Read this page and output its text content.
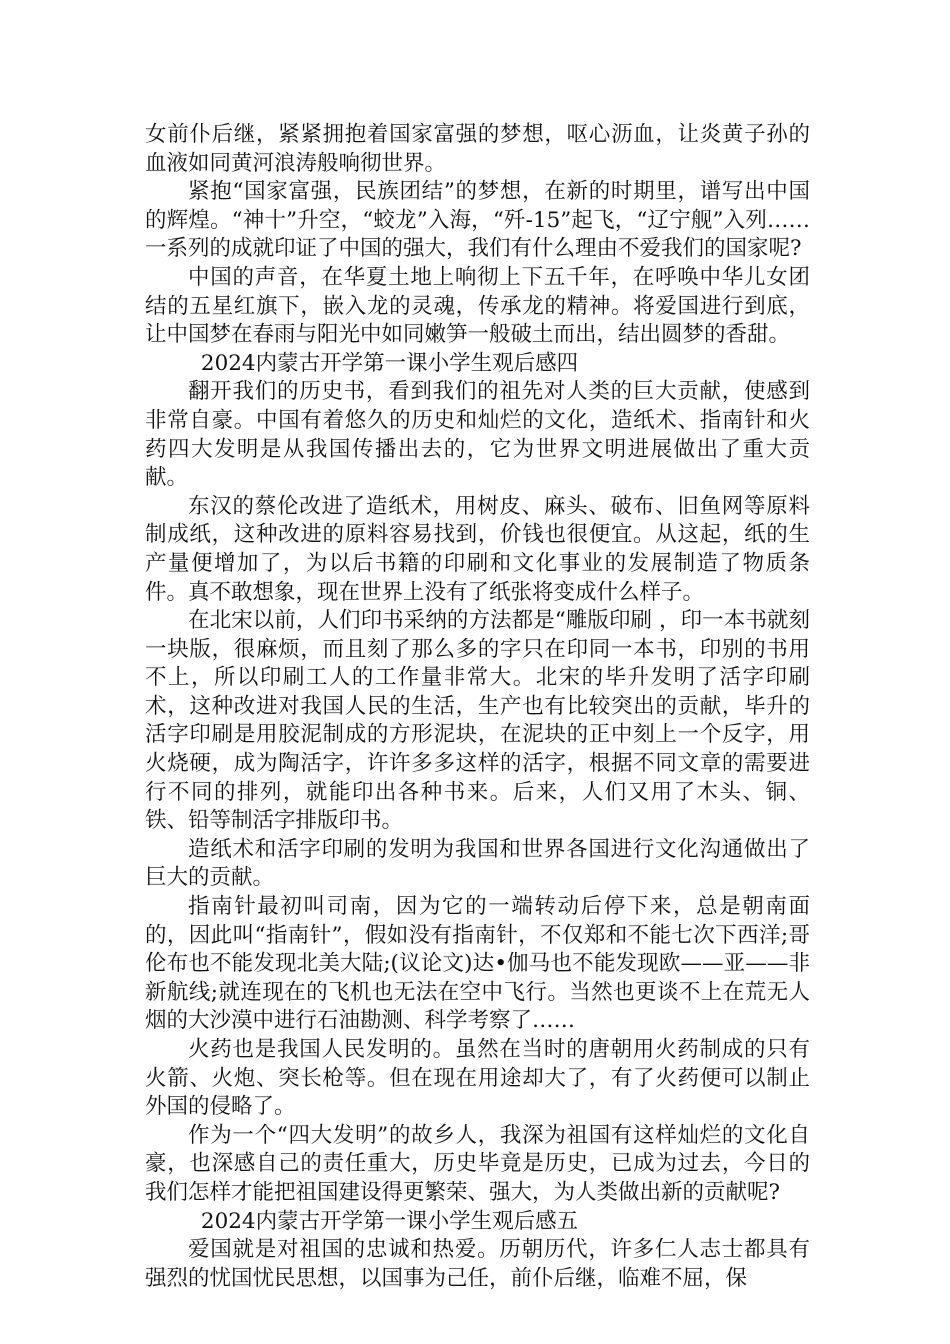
女前仆后继，紧紧拥抱着国家富强的梦想，呕心沥血，让炎黄子孙的血液如同黄河浪涛般响彻世界。

紧抱“国家富强，民族团结”的梦想，在新的时期里，谱写出中国的辉煌。“神十”升空，“蛟龙”入海，“歼-15”起飞，“辽宁舰”入列……一系列的成就印证了中国的强大，我们有什么理由不爱我们的国家呢?

中国的声音，在华夏土地上响彻上下五千年，在呼唤中华儿女团结的五星红旗下，嵌入龙的灵魂，传承龙的精神。将爱国进行到底，让中国梦在春雨与阳光中如同嫩笋一般破土而出，结出圆梦的香甜。

2024内蒙古开学第一课小学生观后感四

翻开我们的历史书，看到我们的祖先对人类的巨大贡献，使感到非常自豪。中国有着悠久的历史和灿烂的文化，造纸术、指南针和火药四大发明是从我国传播出去的，它为世界文明进展做出了重大贡献。

东汉的蔡伦改进了造纸术，用树皮、麻头、破布、旧鱼网等原料制成纸，这种改进的原料容易找到，价钱也很便宜。从这起，纸的生产量便增加了，为以后书籍的印刷和文化事业的发展制造了物质条件。真不敢想象，现在世界上没有了纸张将变成什么样子。

在北宋以前，人们印书采纳的方法都是“雕版印刷 ，印一本书就刻一块版，很麻烦，而且刻了那么多的字只在印同一本书，印别的书用不上，所以印刷工人的工作量非常大。北宋的毕升发明了活字印刷术，这种改进对我国人民的生活，生产也有比较突出的贡献，毕升的活字印刷是用胶泥制成的方形泥块，在泥块的正中刻上一个反字，用火烧硬，成为陶活字，许许多多这样的活字，根据不同文章的需要进行不同的排列，就能印出各种书来。后来，人们又用了木头、铜、铁、铅等制活字排版印书。

造纸术和活字印刷的发明为我国和世界各国进行文化沟通做出了巨大的贡献。

指南针最初叫司南，因为它的一端转动后停下来，总是朝南面的，因此叫“指南针”，假如没有指南针，不仅郑和不能七次下西洋;哥伦布也不能发现北美大陆;(议论文)达•伽马也不能发现欧——亚——非新航线;就连现在的飞机也无法在空中飞行。当然也更谈不上在荒无人烟的大沙漠中进行石油勘测、科学考察了……

火药也是我国人民发明的。虽然在当时的唐朝用火药制成的只有火箭、火炮、突长枪等。但在现在用途却大了，有了火药便可以制止外国的侵略了。

作为一个“四大发明”的故乡人，我深为祖国有这样灿烂的文化自豪，也深感自己的责任重大，历史毕竟是历史，已成为过去，今日的我们怎样才能把祖国建设得更繁荣、强大，为人类做出新的贡献呢?

2024内蒙古开学第一课小学生观后感五

爱国就是对祖国的忠诚和热爱。历朝历代，许多仁人志士都具有强烈的忧国忧民思想，以国事为己任，前仆后继，临难不屈，保
